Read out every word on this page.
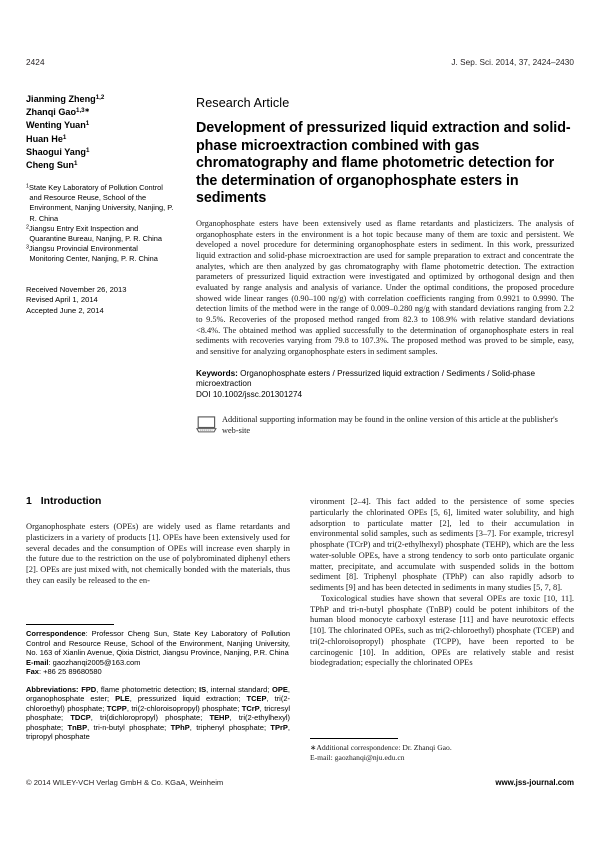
2424	J. Sep. Sci. 2014, 37, 2424–2430
Jianming Zheng$^{1,2}$
Zhanqi Gao$^{1,3∗}$
Wenting Yuan$^1$
Huan He$^1$
Shaogui Yang$^1$
Cheng Sun$^1$
$^1$State Key Laboratory of Pollution Control and Resource Reuse, School of the Environment, Nanjing University, Nanjing, P. R. China
$^2$Jiangsu Entry Exit Inspection and Quarantine Bureau, Nanjing, P. R. China
$^3$Jiangsu Provincial Environmental Monitoring Center, Nanjing, P. R. China
Received November 26, 2013
Revised April 1, 2014
Accepted June 2, 2014
Research Article
Development of pressurized liquid extraction and solid-phase microextraction combined with gas chromatography and flame photometric detection for the determination of organophosphate esters in sediments
Organophosphate esters have been extensively used as flame retardants and plasticizers. The analysis of organophosphate esters in the environment is a hot topic because many of them are toxic and persistent. We developed a novel procedure for determining organophosphate esters in sediment. In this work, pressurized liquid extraction and solid-phase microextraction are used for sample preparation to extract and concentrate the analytes, which are then analyzed by gas chromatography with flame photometric detection. The extraction parameters of pressurized liquid extraction were investigated and optimized by orthogonal design and then evaluated by range analysis and analysis of variance. Under the optimal conditions, the proposed procedure showed wide linear ranges (0.90–100 ng/g) with correlation coefficients ranging from 0.9921 to 0.9990. The detection limits of the method were in the range of 0.009–0.280 ng/g with standard deviations ranging from 2.2 to 9.5%. Recoveries of the proposed method ranged from 82.3 to 108.9% with relative standard deviations <8.4%. The obtained method was applied successfully to the determination of organophosphate esters in real sediments with recoveries varying from 79.8 to 107.3%. The proposed method was proved to be simple, easy, and sensitive for analyzing organophosphate esters in sediment samples.
Keywords: Organophosphate esters / Pressurized liquid extraction / Sediments / Solid-phase microextraction
DOI 10.1002/jssc.201301274
Additional supporting information may be found in the online version of this article at the publisher's web-site
1 Introduction
Organophosphate esters (OPEs) are widely used as flame retardants and plasticizers in a variety of products [1]. OPEs have been extensively used for several decades and the consumption of OPEs will increase even sharply in the future due to the restriction on the use of polybrominated diphenyl ethers [2]. OPEs are just mixed with, not chemically bonded with the materials, thus they can easily be released to the en-
vironment [2–4]. This fact added to the persistence of some species particularly the chlorinated OPEs [5, 6], limited water solubility, and high adsorption to particulate matter [2], led to their accumulation in environmental solid samples, such as sediments [3–7]. For example, tricresyl phosphate (TCrP) and tri(2-ethylhexyl) phosphate (TEHP), which are the less water-soluble OPEs, have a strong tendency to sorb onto particulate organic matter, precipitate, and accumulate with suspended solids in the bottom sediment [8]. Triphenyl phosphate (TPhP) can also rapidly adsorb to sediments [9] and has been detected in sediments in many studies [5, 7, 8].
Toxicological studies have shown that several OPEs are toxic [10, 11]. TPhP and tri-n-butyl phosphate (TnBP) could be potent inhibitors of the human blood monocyte carboxyl esterase [11] and have neurotoxic effects [10]. The chlorinated OPEs, such as tri(2-chloroethyl) phosphate (TCEP) and tri(2-chloroisopropyl) phosphate (TCPP), have been reported to be carcinogenic [10]. In addition, OPEs are relatively stable and resist biodegradation; especially the chlorinated OPEs
Correspondence: Professor Cheng Sun, State Key Laboratory of Pollution Control and Resource Reuse, School of the Environment, Nanjing University, No. 163 of Xianlin Avenue, Qixia District, Jiangsu Province, Nanjing, P.R. China
E-mail: gaozhanqi2005@163.com
Fax: +86 25 89680580
Abbreviations: FPD, flame photometric detection; IS, internal standard; OPE, organophosphate ester; PLE, pressurized liquid extraction; TCEP, tri(2-chloroethyl) phosphate; TCPP, tri(2-chloroisopropyl) phosphate; TCrP, tricresyl phosphate; TDCP, tri(dichloropropyl) phosphate; TEHP, tri(2-ethylhexyl) phosphate; TnBP, tri-n-butyl phosphate; TPhP, triphenyl phosphate; TPrP, tripropyl phosphate
∗Additional correspondence: Dr. Zhanqi Gao.
E-mail: gaozhanqi@nju.edu.cn
© 2014 WILEY-VCH Verlag GmbH & Co. KGaA, Weinheim	www.jss-journal.com
